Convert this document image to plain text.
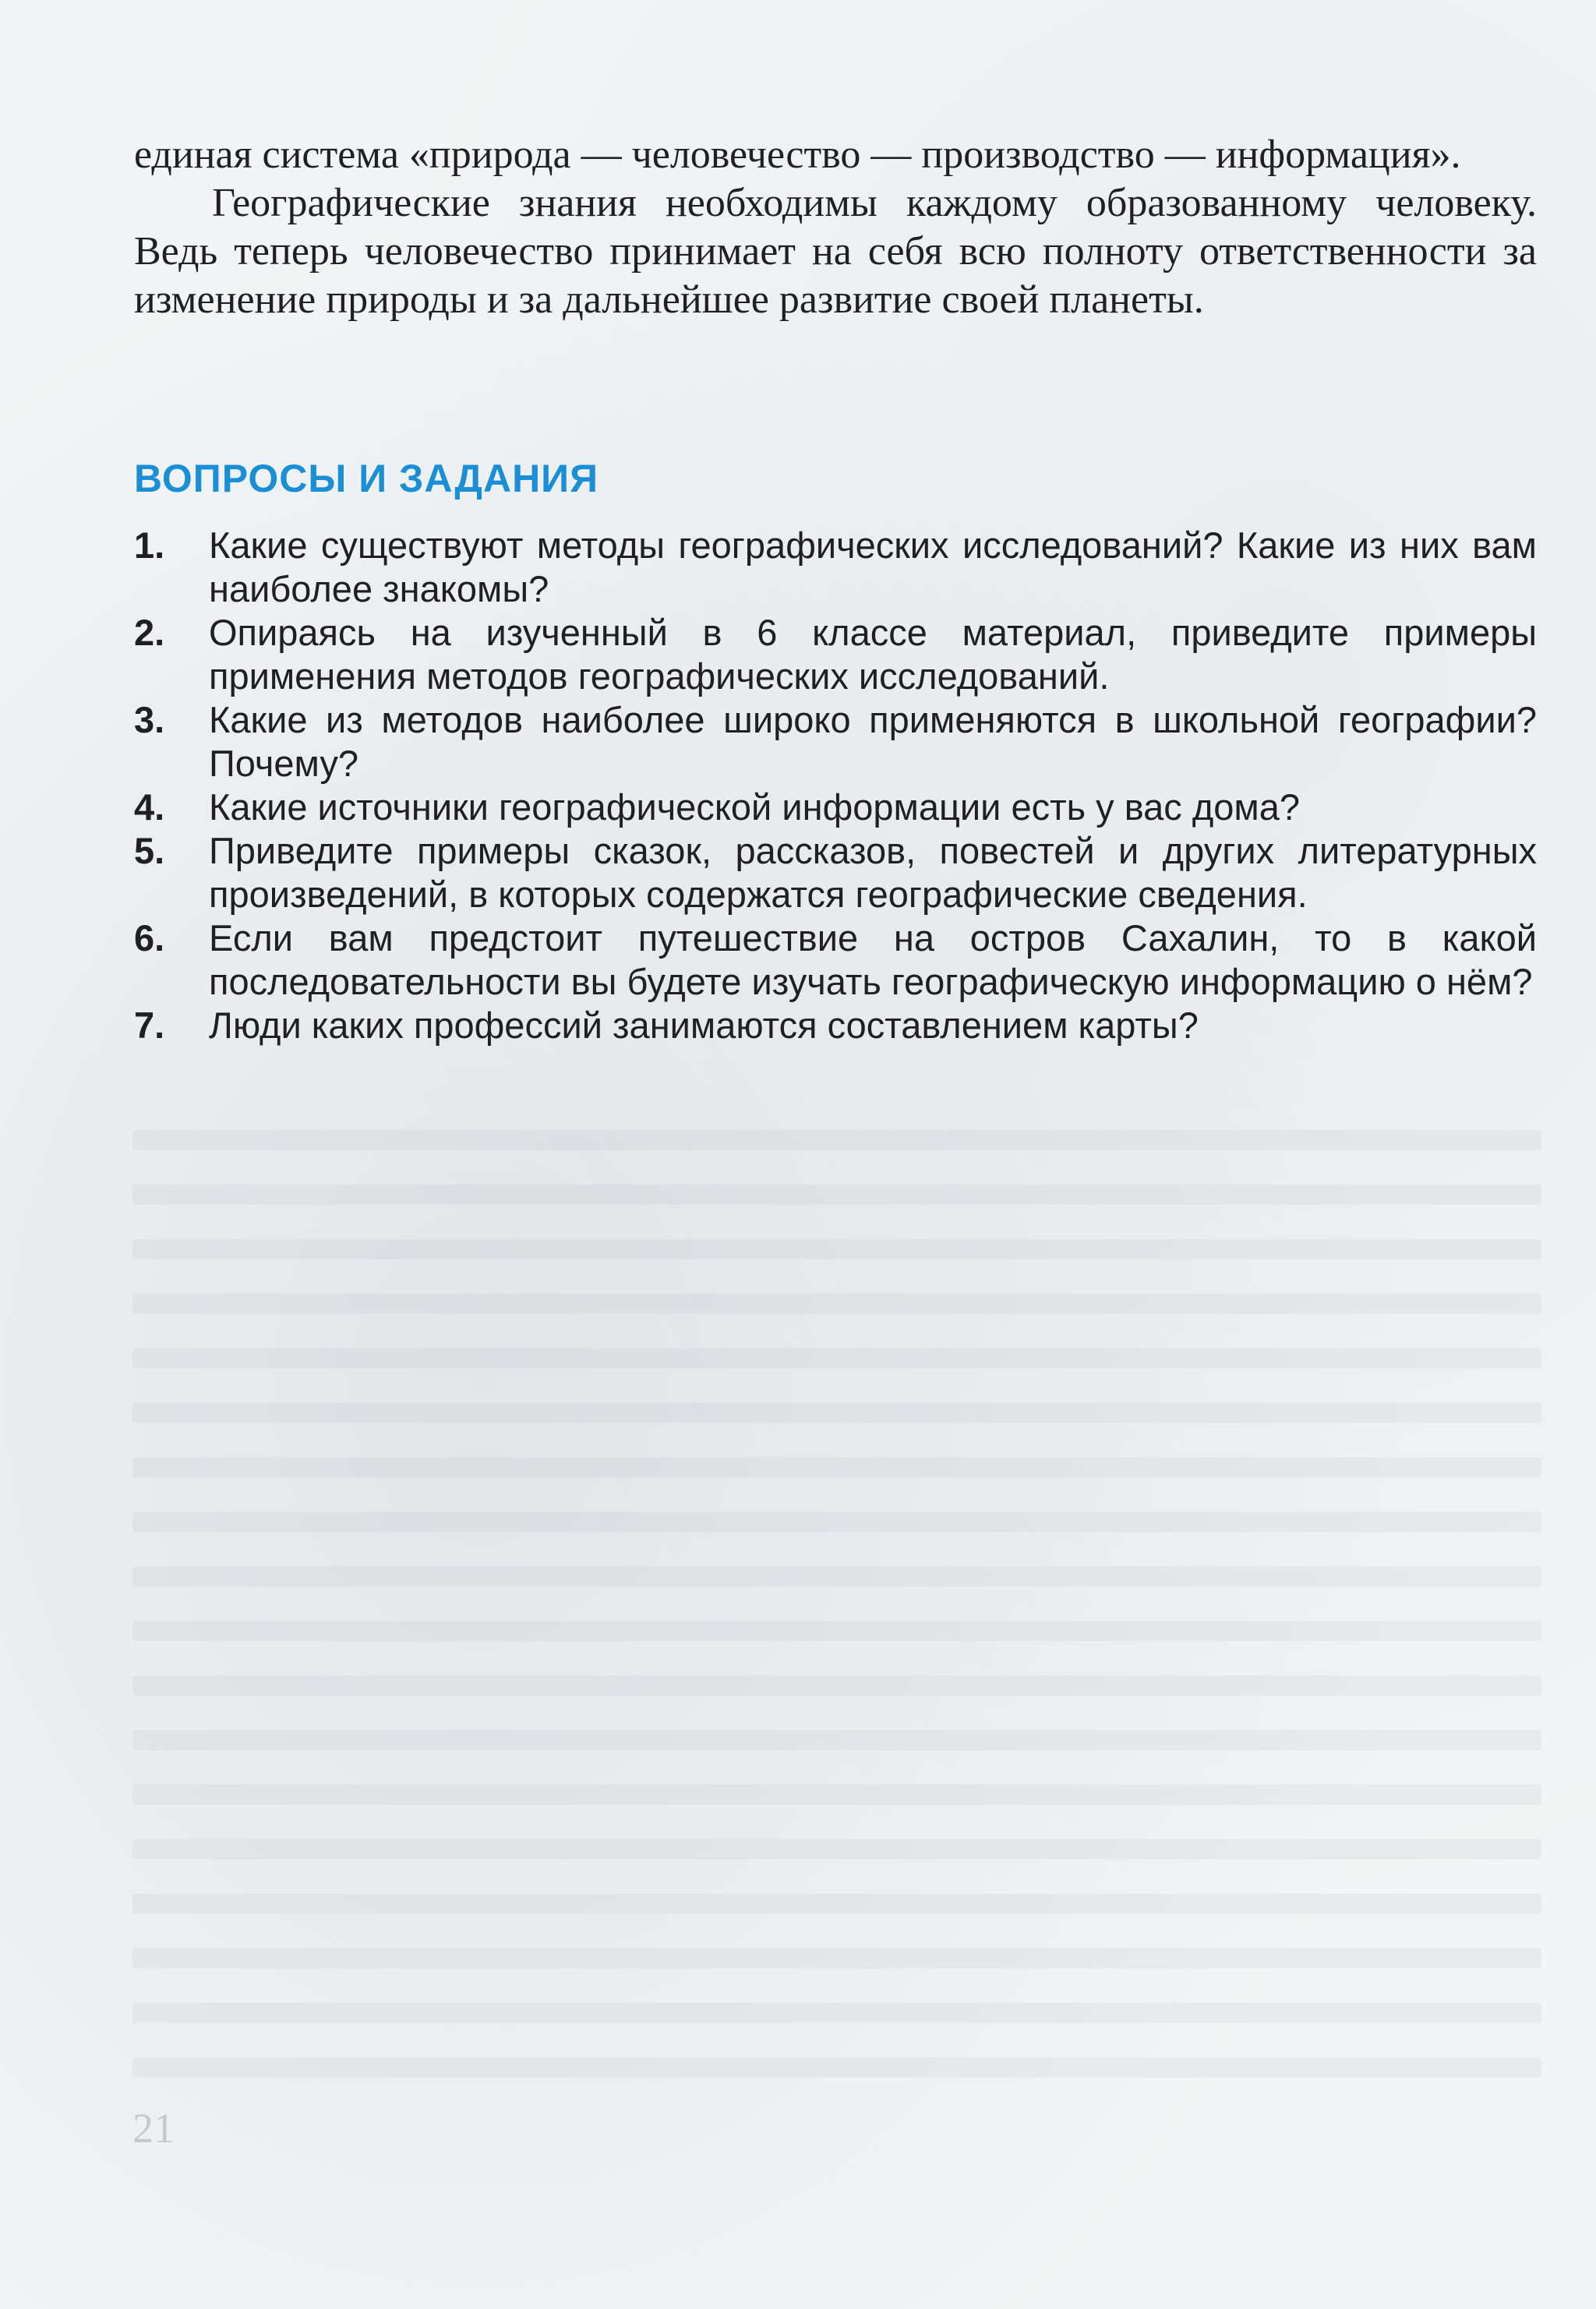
единая система «природа — человечество — производство — информация».

Географические знания необходимы каждому образованному человеку. Ведь теперь человечество принимает на себя всю полноту ответственности за изменение природы и за дальнейшее развитие своей планеты.

ВОПРОСЫ И ЗАДАНИЯ
1. Какие существуют методы географических исследований? Какие из них вам наиболее знакомы?
2. Опираясь на изученный в 6 классе материал, приведите примеры применения методов географических исследований.
3. Какие из методов наиболее широко применяются в школьной географии? Почему?
4. Какие источники географической информации есть у вас дома?
5. Приведите примеры сказок, рассказов, повестей и других литературных произведений, в которых содержатся географические сведения.
6. Если вам предстоит путешествие на остров Сахалин, то в какой последовательности вы будете изучать географическую информацию о нём?
7. Люди каких профессий занимаются составлением карты?
21
